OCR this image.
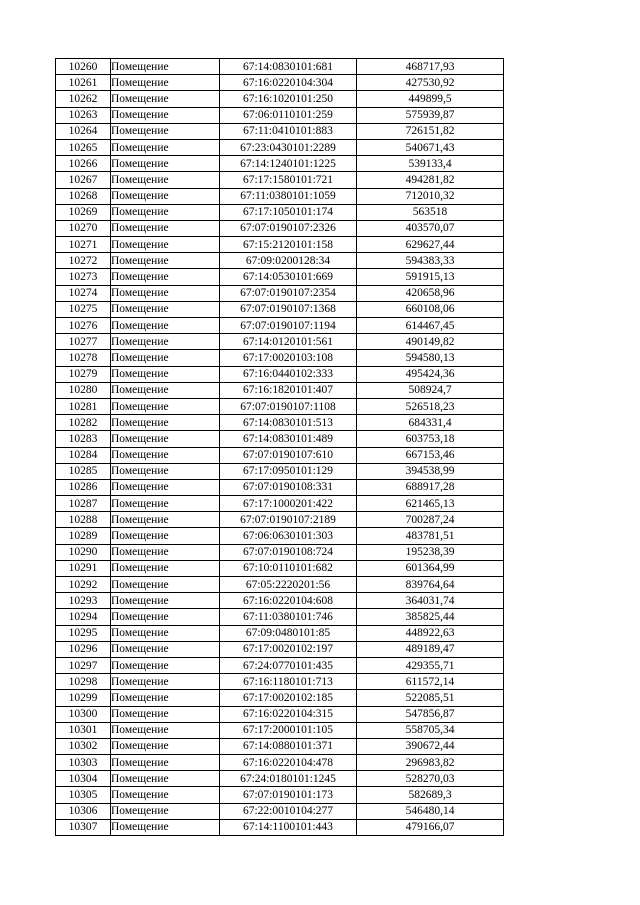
10260	Помещение	67:14:0830101:681	468717,93
10261	Помещение	67:16:0220104:304	427530,92
10262	Помещение	67:16:1020101:250	449899,5
10263	Помещение	67:06:0110101:259	575939,87
10264	Помещение	67:11:0410101:883	726151,82
10265	Помещение	67:23:0430101:2289	540671,43
10266	Помещение	67:14:1240101:1225	539133,4
10267	Помещение	67:17:1580101:721	494281,82
10268	Помещение	67:11:0380101:1059	712010,32
10269	Помещение	67:17:1050101:174	563518
10270	Помещение	67:07:0190107:2326	403570,07
10271	Помещение	67:15:2120101:158	629627,44
10272	Помещение	67:09:0200128:34	594383,33
10273	Помещение	67:14:0530101:669	591915,13
10274	Помещение	67:07:0190107:2354	420658,96
10275	Помещение	67:07:0190107:1368	660108,06
10276	Помещение	67:07:0190107:1194	614467,45
10277	Помещение	67:14:0120101:561	490149,82
10278	Помещение	67:17:0020103:108	594580,13
10279	Помещение	67:16:0440102:333	495424,36
10280	Помещение	67:16:1820101:407	508924,7
10281	Помещение	67:07:0190107:1108	526518,23
10282	Помещение	67:14:0830101:513	684331,4
10283	Помещение	67:14:0830101:489	603753,18
10284	Помещение	67:07:0190107:610	667153,46
10285	Помещение	67:17:0950101:129	394538,99
10286	Помещение	67:07:0190108:331	688917,28
10287	Помещение	67:17:1000201:422	621465,13
10288	Помещение	67:07:0190107:2189	700287,24
10289	Помещение	67:06:0630101:303	483781,51
10290	Помещение	67:07:0190108:724	195238,39
10291	Помещение	67:10:0110101:682	601364,99
10292	Помещение	67:05:2220201:56	839764,64
10293	Помещение	67:16:0220104:608	364031,74
10294	Помещение	67:11:0380101:746	385825,44
10295	Помещение	67:09:0480101:85	448922,63
10296	Помещение	67:17:0020102:197	489189,47
10297	Помещение	67:24:0770101:435	429355,71
10298	Помещение	67:16:1180101:713	611572,14
10299	Помещение	67:17:0020102:185	522085,51
10300	Помещение	67:16:0220104:315	547856,87
10301	Помещение	67:17:2000101:105	558705,34
10302	Помещение	67:14:0880101:371	390672,44
10303	Помещение	67:16:0220104:478	296983,82
10304	Помещение	67:24:0180101:1245	528270,03
10305	Помещение	67:07:0190101:173	582689,3
10306	Помещение	67:22:0010104:277	546480,14
10307	Помещение	67:14:1100101:443	479166,07
